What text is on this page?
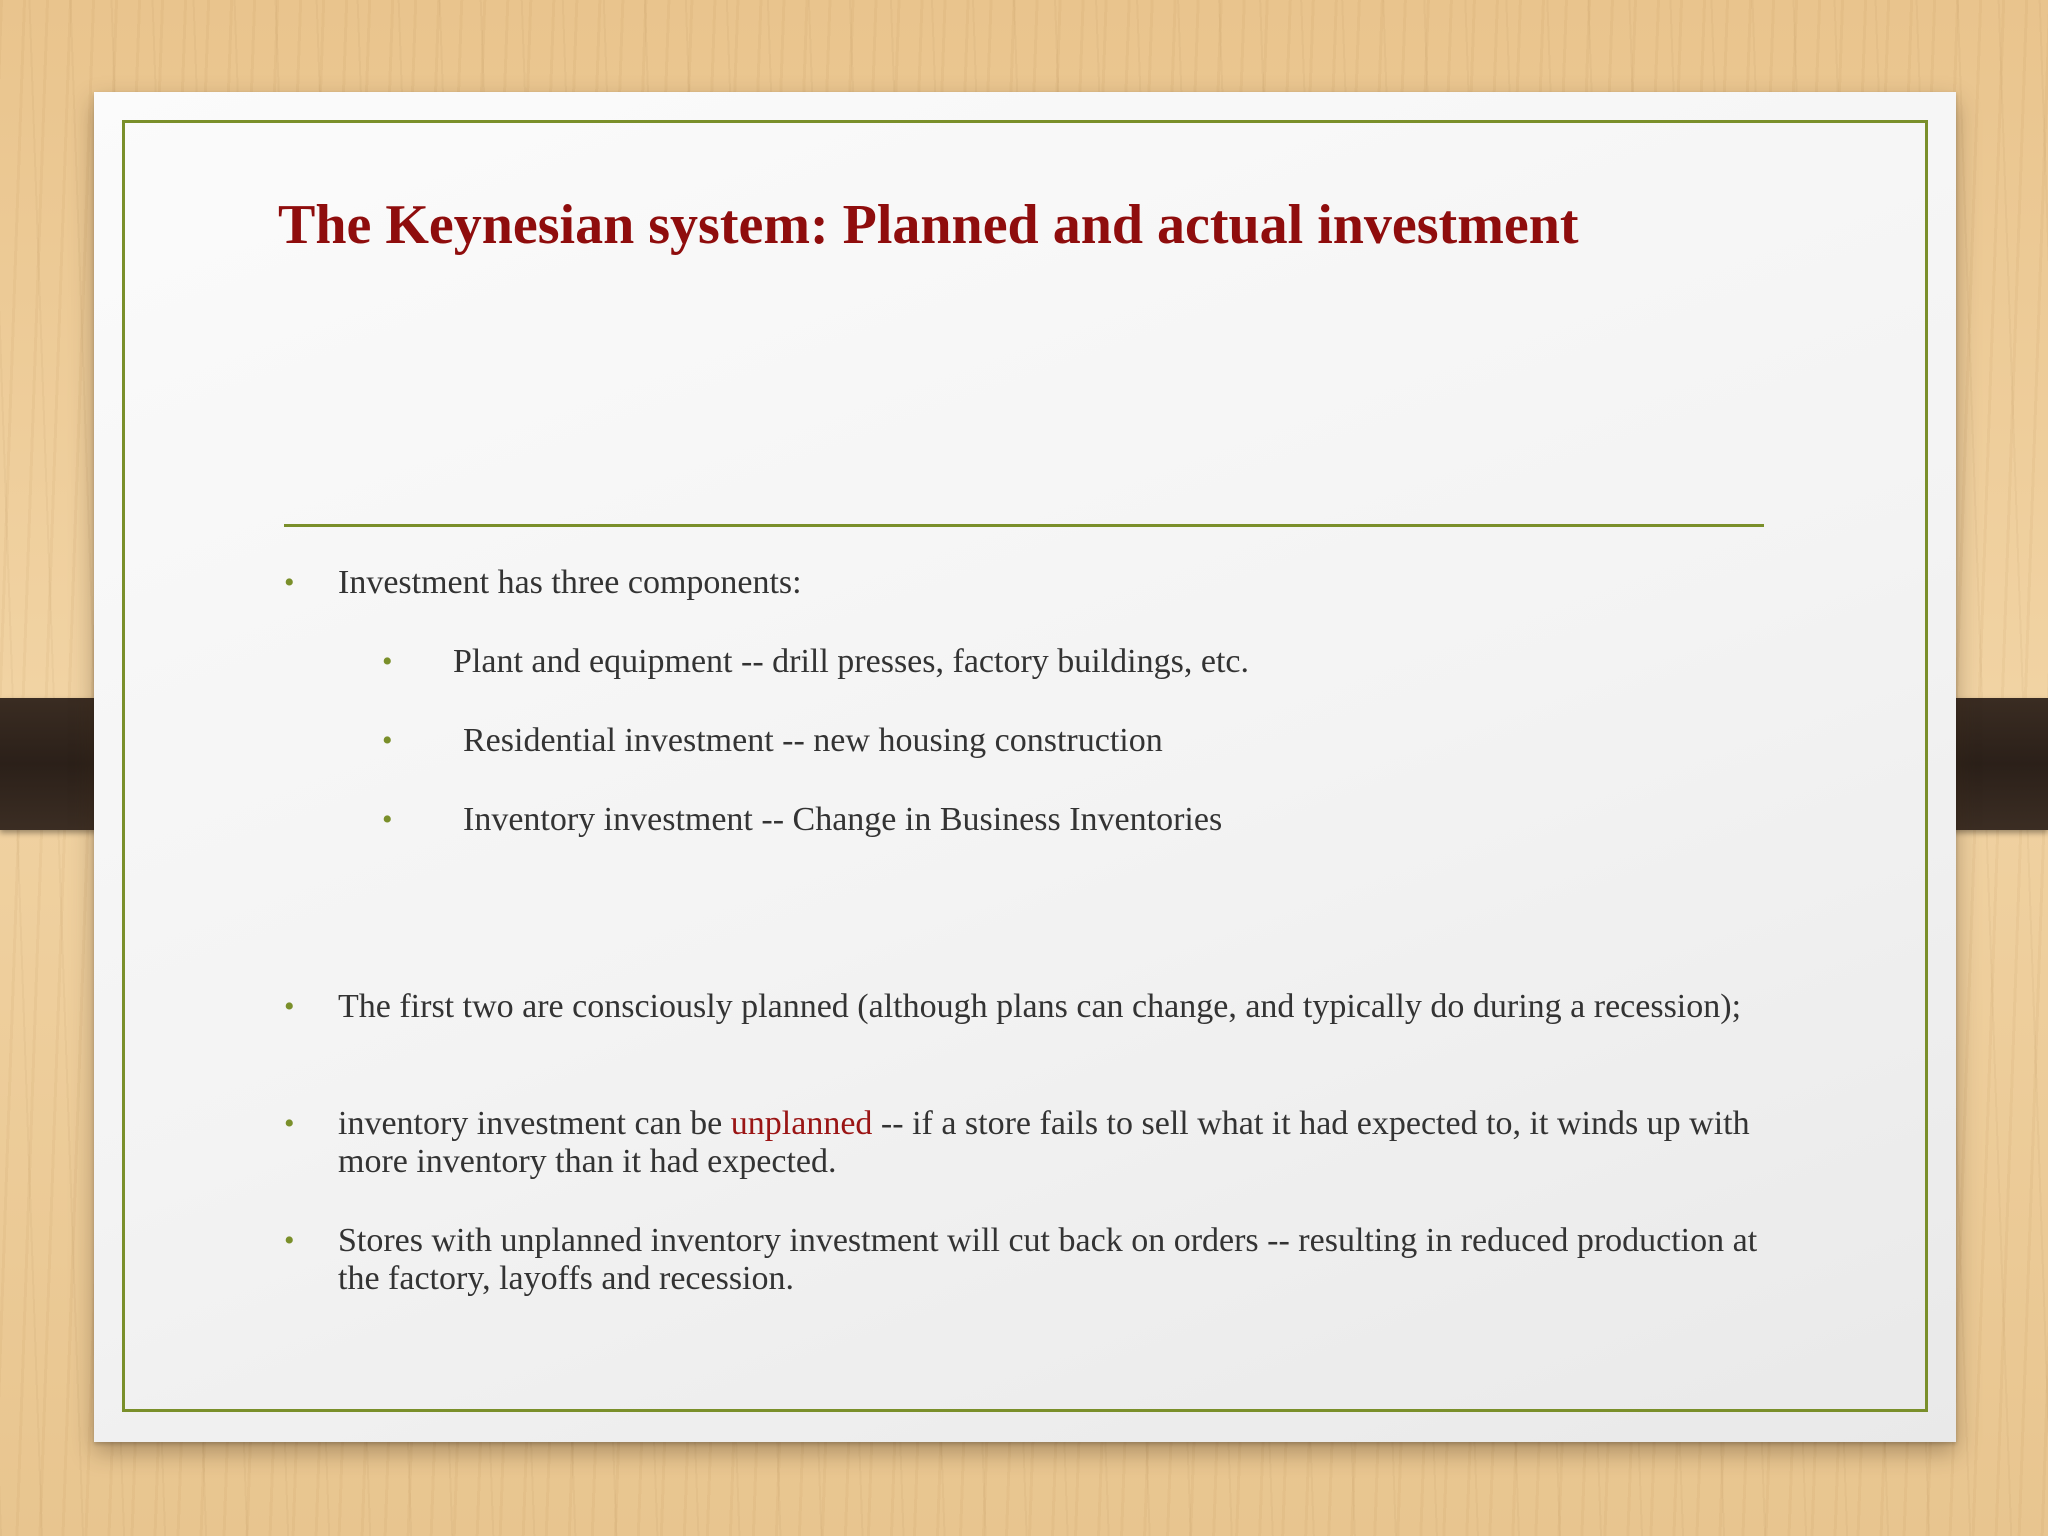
The Keynesian system: Planned and actual investment
• Investment has three components:
• Plant and equipment -- drill presses, factory buildings, etc.
• Residential investment -- new housing construction
• Inventory investment -- Change in Business Inventories
• The first two are consciously planned (although plans can change, and typically do during a recession);
• inventory investment can be unplanned -- if a store fails to sell what it had expected to, it winds up with more inventory than it had expected.
• Stores with unplanned inventory investment will cut back on orders -- resulting in reduced production at the factory, layoffs and recession.
